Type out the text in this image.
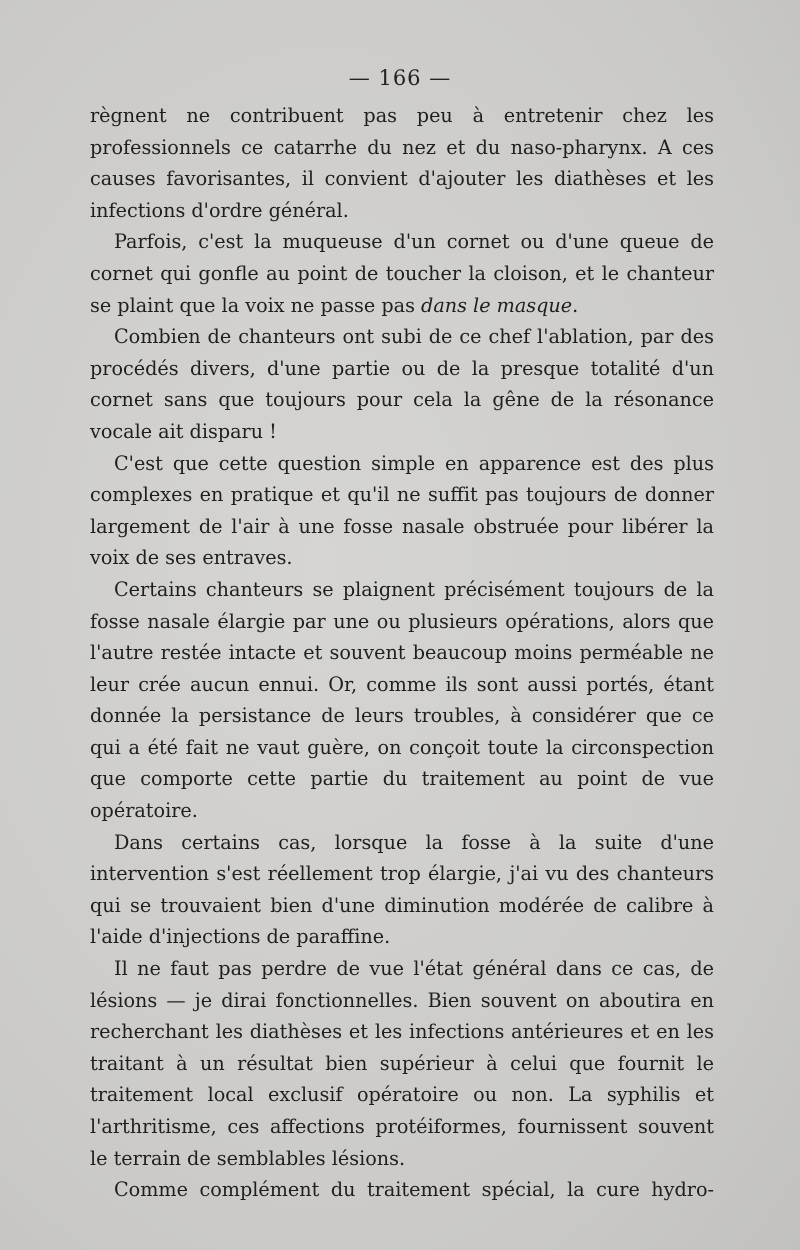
— 166 —

règnent ne contribuent pas peu à entretenir chez les professionnels ce catarrhe du nez et du naso-pharynx. A ces causes favorisantes, il convient d'ajouter les diathèses et les infections d'ordre général.

Parfois, c'est la muqueuse d'un cornet ou d'une queue de cornet qui gonfle au point de toucher la cloison, et le chanteur se plaint que la voix ne passe pas dans le masque.

Combien de chanteurs ont subi de ce chef l'ablation, par des procédés divers, d'une partie ou de la presque totalité d'un cornet sans que toujours pour cela la gêne de la résonance vocale ait disparu !

C'est que cette question simple en apparence est des plus complexes en pratique et qu'il ne suffit pas toujours de donner largement de l'air à une fosse nasale obstruée pour libérer la voix de ses entraves.

Certains chanteurs se plaignent précisément toujours de la fosse nasale élargie par une ou plusieurs opérations, alors que l'autre restée intacte et souvent beaucoup moins perméable ne leur crée aucun ennui. Or, comme ils sont aussi portés, étant donnée la persistance de leurs troubles, à considérer que ce qui a été fait ne vaut guère, on conçoit toute la circonspection que comporte cette partie du traitement au point de vue opératoire.

Dans certains cas, lorsque la fosse à la suite d'une intervention s'est réellement trop élargie, j'ai vu des chanteurs qui se trouvaient bien d'une diminution modérée de calibre à l'aide d'injections de paraffine.

Il ne faut pas perdre de vue l'état général dans ce cas, de lésions — je dirai fonctionnelles. Bien souvent on aboutira en recherchant les diathèses et les infections antérieures et en les traitant à un résultat bien supérieur à celui que fournit le traitement local exclusif opératoire ou non. La syphilis et l'arthritisme, ces affections protéiformes, fournissent souvent le terrain de semblables lésions.

Comme complément du traitement spécial, la cure hydro-
